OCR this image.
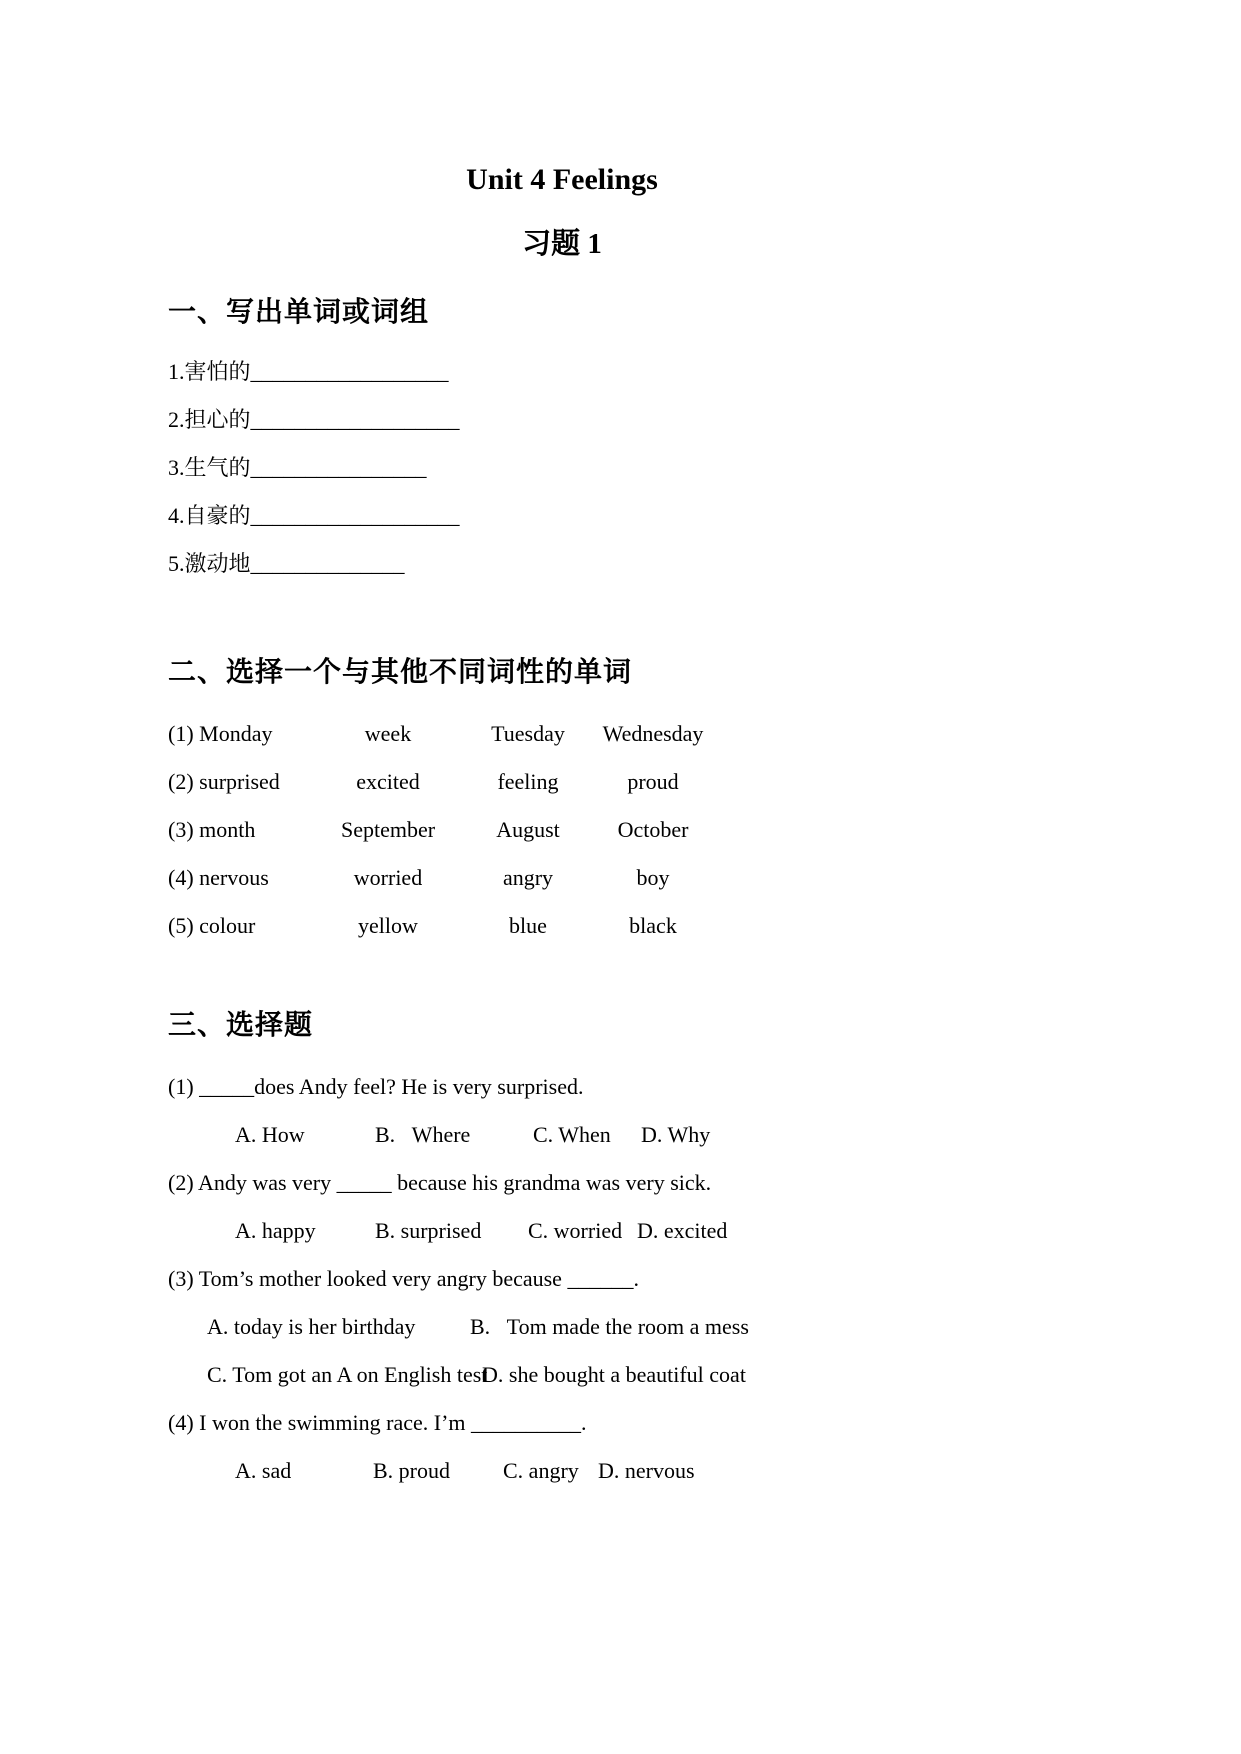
Unit 4 Feelings
习题 1
一、写出单词或词组
1.害怕的__________________
2.担心的___________________
3.生气的________________
4.自豪的___________________
5.激动地______________
二、选择一个与其他不同词性的单词
(1) Monday	week	Tuesday	Wednesday
(2) surprised	excited	feeling	proud
(3) month	September	August	October
(4) nervous	worried	angry	boy
(5) colour	yellow	blue	black
三、选择题
(1) _____does Andy feel? He is very surprised.
A. How	B.   Where	C. When	D. Why
(2) Andy was very _____ because his grandma was very sick.
A. happy	B. surprised	C. worried D. excited
(3) Tom’s mother looked very angry because ______.
A. today is her birthday	B.   Tom made the room a mess
C. Tom got an A on English test
D. she bought a beautiful coat
(4) I won the swimming race. I’m __________.
A. sad	B. proud	C. angry D. nervous
